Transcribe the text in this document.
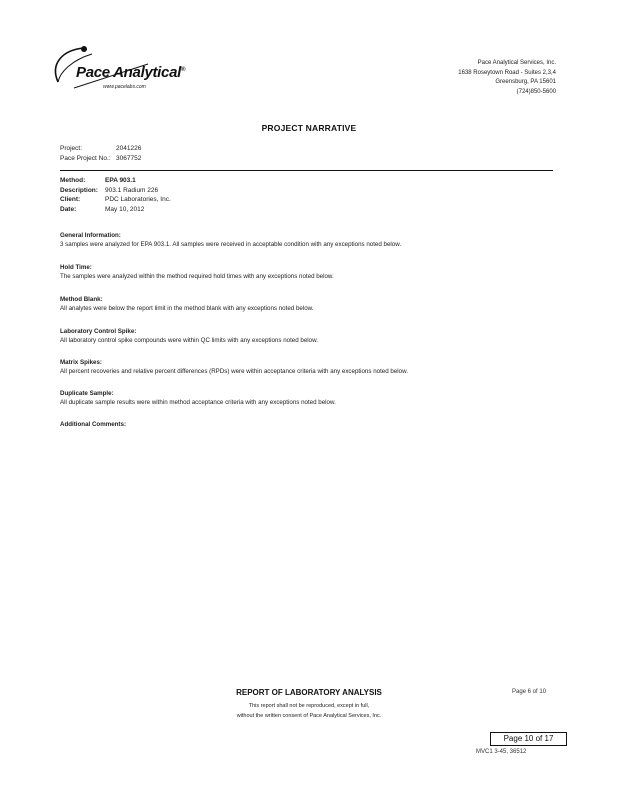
Pace Analytical®
www.pacelabs.com
Pace Analytical Services, Inc.
1638 Roseytown Road - Suites 2,3,4
Greensburg, PA 15601
(724)850-5600
PROJECT NARRATIVE
Project:	2041226
Pace Project No.: 3067752
Method:	EPA 903.1
Description: 903.1 Radium 226
Client:	PDC Laboratories, Inc.
Date:	May 10, 2012
General Information:
3 samples were analyzed for EPA 903.1. All samples were received in acceptable condition with any exceptions noted below.
Hold Time:
The samples were analyzed within the method required hold times with any exceptions noted below.
Method Blank:
All analytes were below the report limit in the method blank with any exceptions noted below.
Laboratory Control Spike:
All laboratory control spike compounds were within QC limits with any exceptions noted below.
Matrix Spikes:
All percent recoveries and relative percent differences (RPDs) were within acceptance criteria with any exceptions noted below.
Duplicate Sample:
All duplicate sample results were within method acceptance criteria with any exceptions noted below.
Additional Comments:
REPORT OF LABORATORY ANALYSIS	Page 6 of 10
This report shall not be reproduced, except in full,
without the written consent of Pace Analytical Services, Inc.
Page 10 of 17
MVC1 3-45, 36512
